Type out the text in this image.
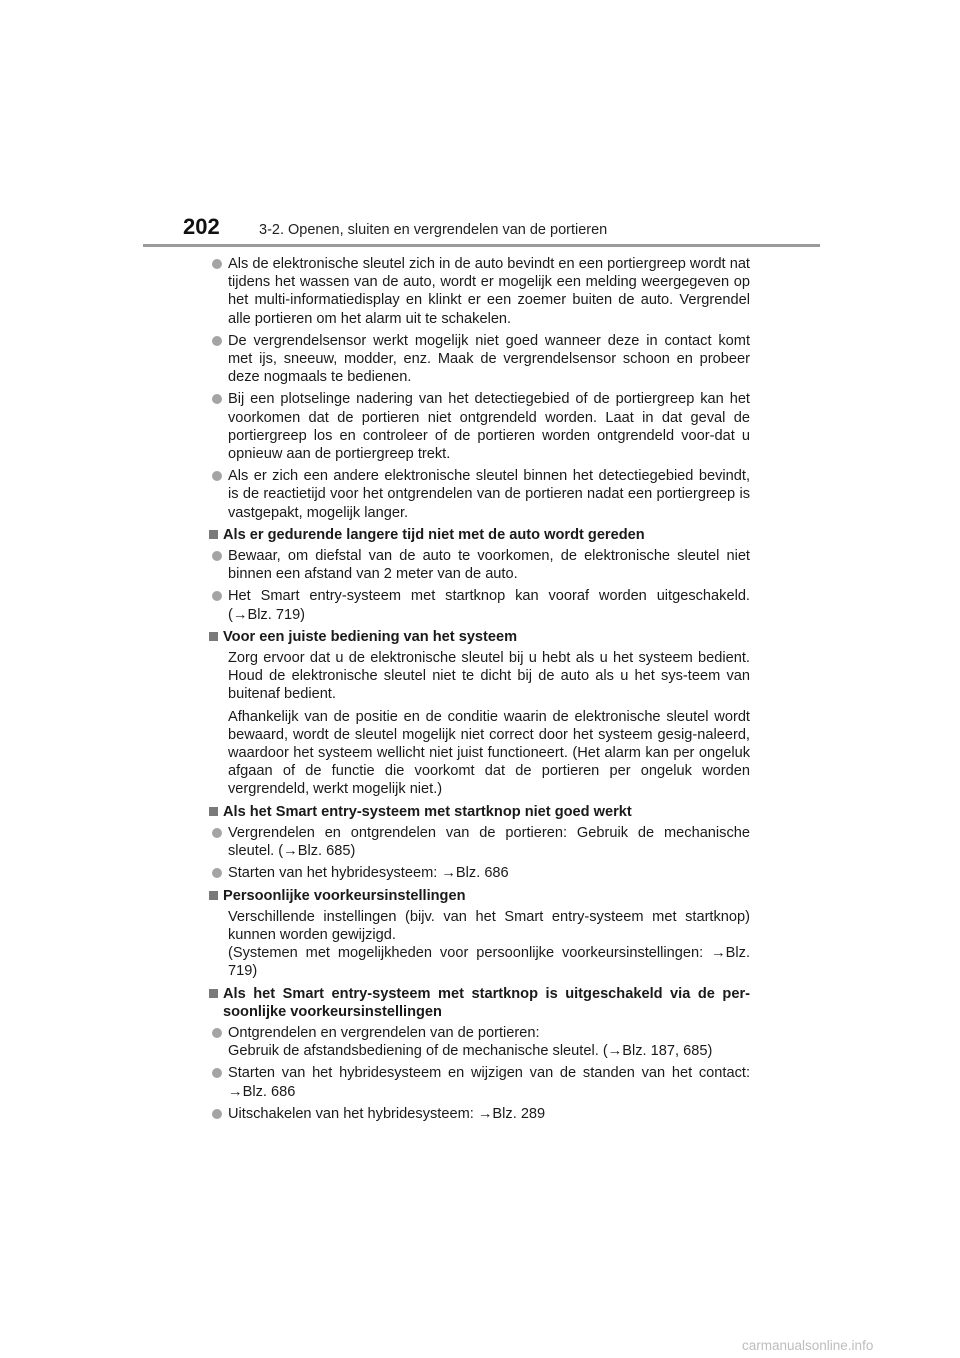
202	3-2. Openen, sluiten en vergrendelen van de portieren
Als de elektronische sleutel zich in de auto bevindt en een portiergreep wordt nat tijdens het wassen van de auto, wordt er mogelijk een melding weergegeven op het multi-informatiedisplay en klinkt er een zoemer buiten de auto. Vergrendel alle portieren om het alarm uit te schakelen.
De vergrendelsensor werkt mogelijk niet goed wanneer deze in contact komt met ijs, sneeuw, modder, enz. Maak de vergrendelsensor schoon en probeer deze nogmaals te bedienen.
Bij een plotselinge nadering van het detectiegebied of de portiergreep kan het voorkomen dat de portieren niet ontgrendeld worden. Laat in dat geval de portiergreep los en controleer of de portieren worden ontgrendeld voor-dat u opnieuw aan de portiergreep trekt.
Als er zich een andere elektronische sleutel binnen het detectiegebied bevindt, is de reactietijd voor het ontgrendelen van de portieren nadat een portiergreep is vastgepakt, mogelijk langer.
Als er gedurende langere tijd niet met de auto wordt gereden
Bewaar, om diefstal van de auto te voorkomen, de elektronische sleutel niet binnen een afstand van 2 meter van de auto.
Het Smart entry-systeem met startknop kan vooraf worden uitgeschakeld. (→Blz. 719)
Voor een juiste bediening van het systeem
Zorg ervoor dat u de elektronische sleutel bij u hebt als u het systeem bedient. Houd de elektronische sleutel niet te dicht bij de auto als u het sys-teem van buitenaf bedient.
Afhankelijk van de positie en de conditie waarin de elektronische sleutel wordt bewaard, wordt de sleutel mogelijk niet correct door het systeem gesig-naleerd, waardoor het systeem wellicht niet juist functioneert. (Het alarm kan per ongeluk afgaan of de functie die voorkomt dat de portieren per ongeluk worden vergrendeld, werkt mogelijk niet.)
Als het Smart entry-systeem met startknop niet goed werkt
Vergrendelen en ontgrendelen van de portieren: Gebruik de mechanische sleutel. (→Blz. 685)
Starten van het hybridesysteem: →Blz. 686
Persoonlijke voorkeursinstellingen
Verschillende instellingen (bijv. van het Smart entry-systeem met startknop) kunnen worden gewijzigd.
(Systemen met mogelijkheden voor persoonlijke voorkeursinstellingen: →Blz. 719)
Als het Smart entry-systeem met startknop is uitgeschakeld via de per-soonlijke voorkeursinstellingen
Ontgrendelen en vergrendelen van de portieren:
Gebruik de afstandsbediening of de mechanische sleutel. (→Blz. 187, 685)
Starten van het hybridesysteem en wijzigen van de standen van het contact: →Blz. 686
Uitschakelen van het hybridesysteem: →Blz. 289
carmanualsonline.info
